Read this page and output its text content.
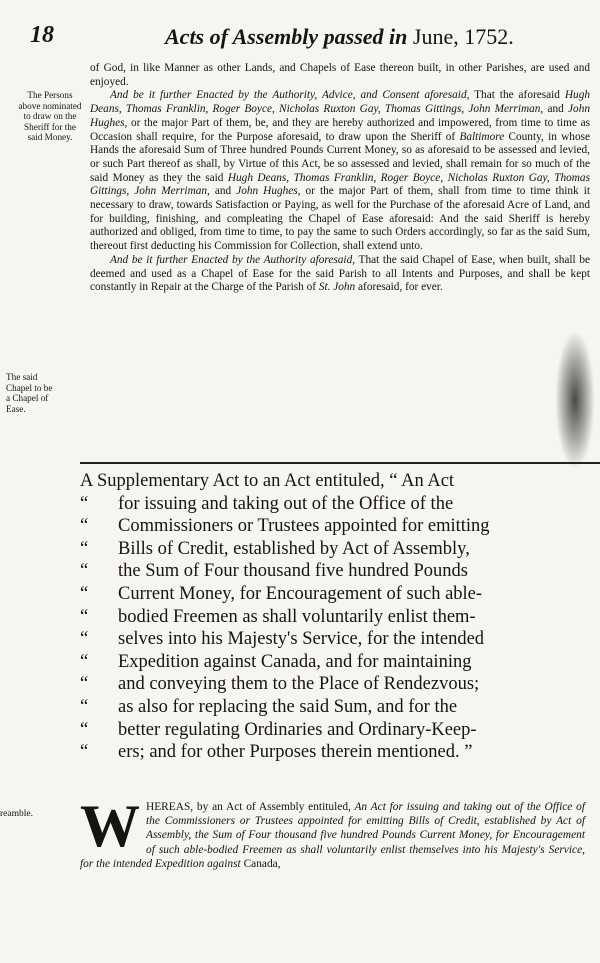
18	Acts of Assembly passed in June, 1752.
The Persons above nominated to draw on the Sheriff for the said Money.
The said Chapel to be a Chapel of Ease.

of God, in like Manner as other Lands, and Chapels of Ease thereon built, in other Parishes, are used and enjoyed.

And be it further Enacted by the Authority, Advice, and Consent aforesaid, That the aforesaid Hugh Deans, Thomas Franklin, Roger Boyce, Nicholas Ruxton Gay, Thomas Gittings, John Merriman, and John Hughes, or the major Part of them, be, and they are hereby authorized and impowered, from time to time as Occasion shall require, for the Purpose aforesaid, to draw upon the Sheriff of Baltimore County, in whose Hands the aforesaid Sum of Three hundred Pounds Current Money, so as aforesaid to be assessed and levied, or such Part thereof as shall, by Virtue of this Act, be so assessed and levied, shall remain for so much of the said Money as they the said Hugh Deans, Thomas Franklin, Roger Boyce, Nicholas Ruxton Gay, Thomas Gittings, John Merriman, and John Hughes, or the major Part of them, shall from time to time think it necessary to draw, towards Satisfaction or Paying, as well for the Purchase of the aforesaid Acre of Land, and for building, finishing, and compleating the Chapel of Ease aforesaid: And the said Sheriff is hereby authorized and obliged, from time to time, to pay the same to such Orders accordingly, so far as the said Sum, thereout first deducting his Commission for Collection, shall extend unto.

And be it further Enacted by the Authority aforesaid, That the said Chapel of Ease, when built, shall be deemed and used as a Chapel of Ease for the said Parish to all Intents and Purposes, and shall be kept constantly in Repair at the Charge of the Parish of St. John aforesaid, for ever.

A Supplementary Act to an Act entituled, “ An Act
“ for issuing and taking out of the Office of the
“ Commissioners or Trustees appointed for emitting
“ Bills of Credit, established by Act of Assembly,
“ the Sum of Four thousand five hundred Pounds
“ Current Money, for Encouragement of such able-
“ bodied Freemen as shall voluntarily enlist them-
“ selves into his Majesty's Service, for the intended
“ Expedition against Canada, and for maintaining
“ and conveying them to the Place of Rendezvous;
“ as also for replacing the said Sum, and for the
“ better regulating Ordinaries and Ordinary-Keep-
“ ers; and for other Purposes therein mentioned. ”
reamble. W HEREAS, by an Act of Assembly entituled, An Act for issuing and taking out of the Office of the Commissioners or Trustees appointed for emitting Bills of Credit, established by Act of Assembly, the Sum of Four thousand five hundred Pounds Current Money, for Encouragement of such able-bodied Freemen as shall voluntarily enlist themselves into his Majesty's Service, for the intended Expedition against Canada,
